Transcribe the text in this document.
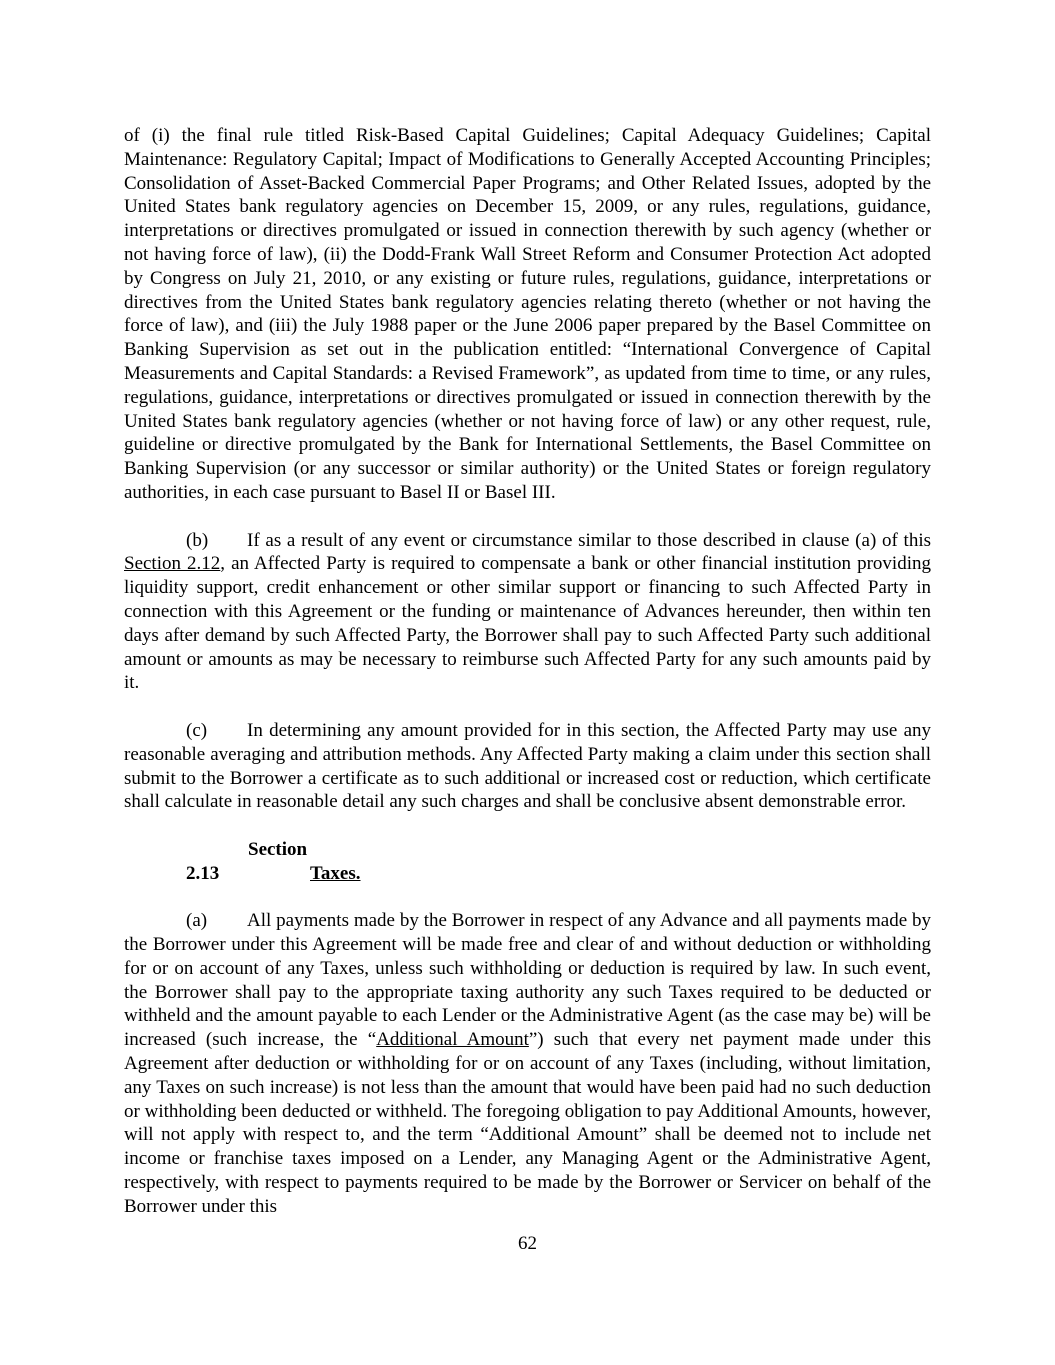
of (i) the final rule titled Risk-Based Capital Guidelines; Capital Adequacy Guidelines; Capital Maintenance: Regulatory Capital; Impact of Modifications to Generally Accepted Accounting Principles; Consolidation of Asset-Backed Commercial Paper Programs; and Other Related Issues, adopted by the United States bank regulatory agencies on December 15, 2009, or any rules, regulations, guidance, interpretations or directives promulgated or issued in connection therewith by such agency (whether or not having force of law), (ii) the Dodd-Frank Wall Street Reform and Consumer Protection Act adopted by Congress on July 21, 2010, or any existing or future rules, regulations, guidance, interpretations or directives from the United States bank regulatory agencies relating thereto (whether or not having the force of law), and (iii) the July 1988 paper or the June 2006 paper prepared by the Basel Committee on Banking Supervision as set out in the publication entitled: “International Convergence of Capital Measurements and Capital Standards: a Revised Framework”, as updated from time to time, or any rules, regulations, guidance, interpretations or directives promulgated or issued in connection therewith by the United States bank regulatory agencies (whether or not having force of law) or any other request, rule, guideline or directive promulgated by the Bank for International Settlements, the Basel Committee on Banking Supervision (or any successor or similar authority) or the United States or foreign regulatory authorities, in each case pursuant to Basel II or Basel III.

(b) If as a result of any event or circumstance similar to those described in clause (a) of this Section 2.12, an Affected Party is required to compensate a bank or other financial institution providing liquidity support, credit enhancement or other similar support or financing to such Affected Party in connection with this Agreement or the funding or maintenance of Advances hereunder, then within ten days after demand by such Affected Party, the Borrower shall pay to such Affected Party such additional amount or amounts as may be necessary to reimburse such Affected Party for any such amounts paid by it.

(c) In determining any amount provided for in this section, the Affected Party may use any reasonable averaging and attribution methods. Any Affected Party making a claim under this section shall submit to the Borrower a certificate as to such additional or increased cost or reduction, which certificate shall calculate in reasonable detail any such charges and shall be conclusive absent demonstrable error.

Section 2.13	Taxes.

(a) All payments made by the Borrower in respect of any Advance and all payments made by the Borrower under this Agreement will be made free and clear of and without deduction or withholding for or on account of any Taxes, unless such withholding or deduction is required by law. In such event, the Borrower shall pay to the appropriate taxing authority any such Taxes required to be deducted or withheld and the amount payable to each Lender or the Administrative Agent (as the case may be) will be increased (such increase, the “Additional Amount”) such that every net payment made under this Agreement after deduction or withholding for or on account of any Taxes (including, without limitation, any Taxes on such increase) is not less than the amount that would have been paid had no such deduction or withholding been deducted or withheld. The foregoing obligation to pay Additional Amounts, however, will not apply with respect to, and the term “Additional Amount” shall be deemed not to include net income or franchise taxes imposed on a Lender, any Managing Agent or the Administrative Agent, respectively, with respect to payments required to be made by the Borrower or Servicer on behalf of the Borrower under this

62
